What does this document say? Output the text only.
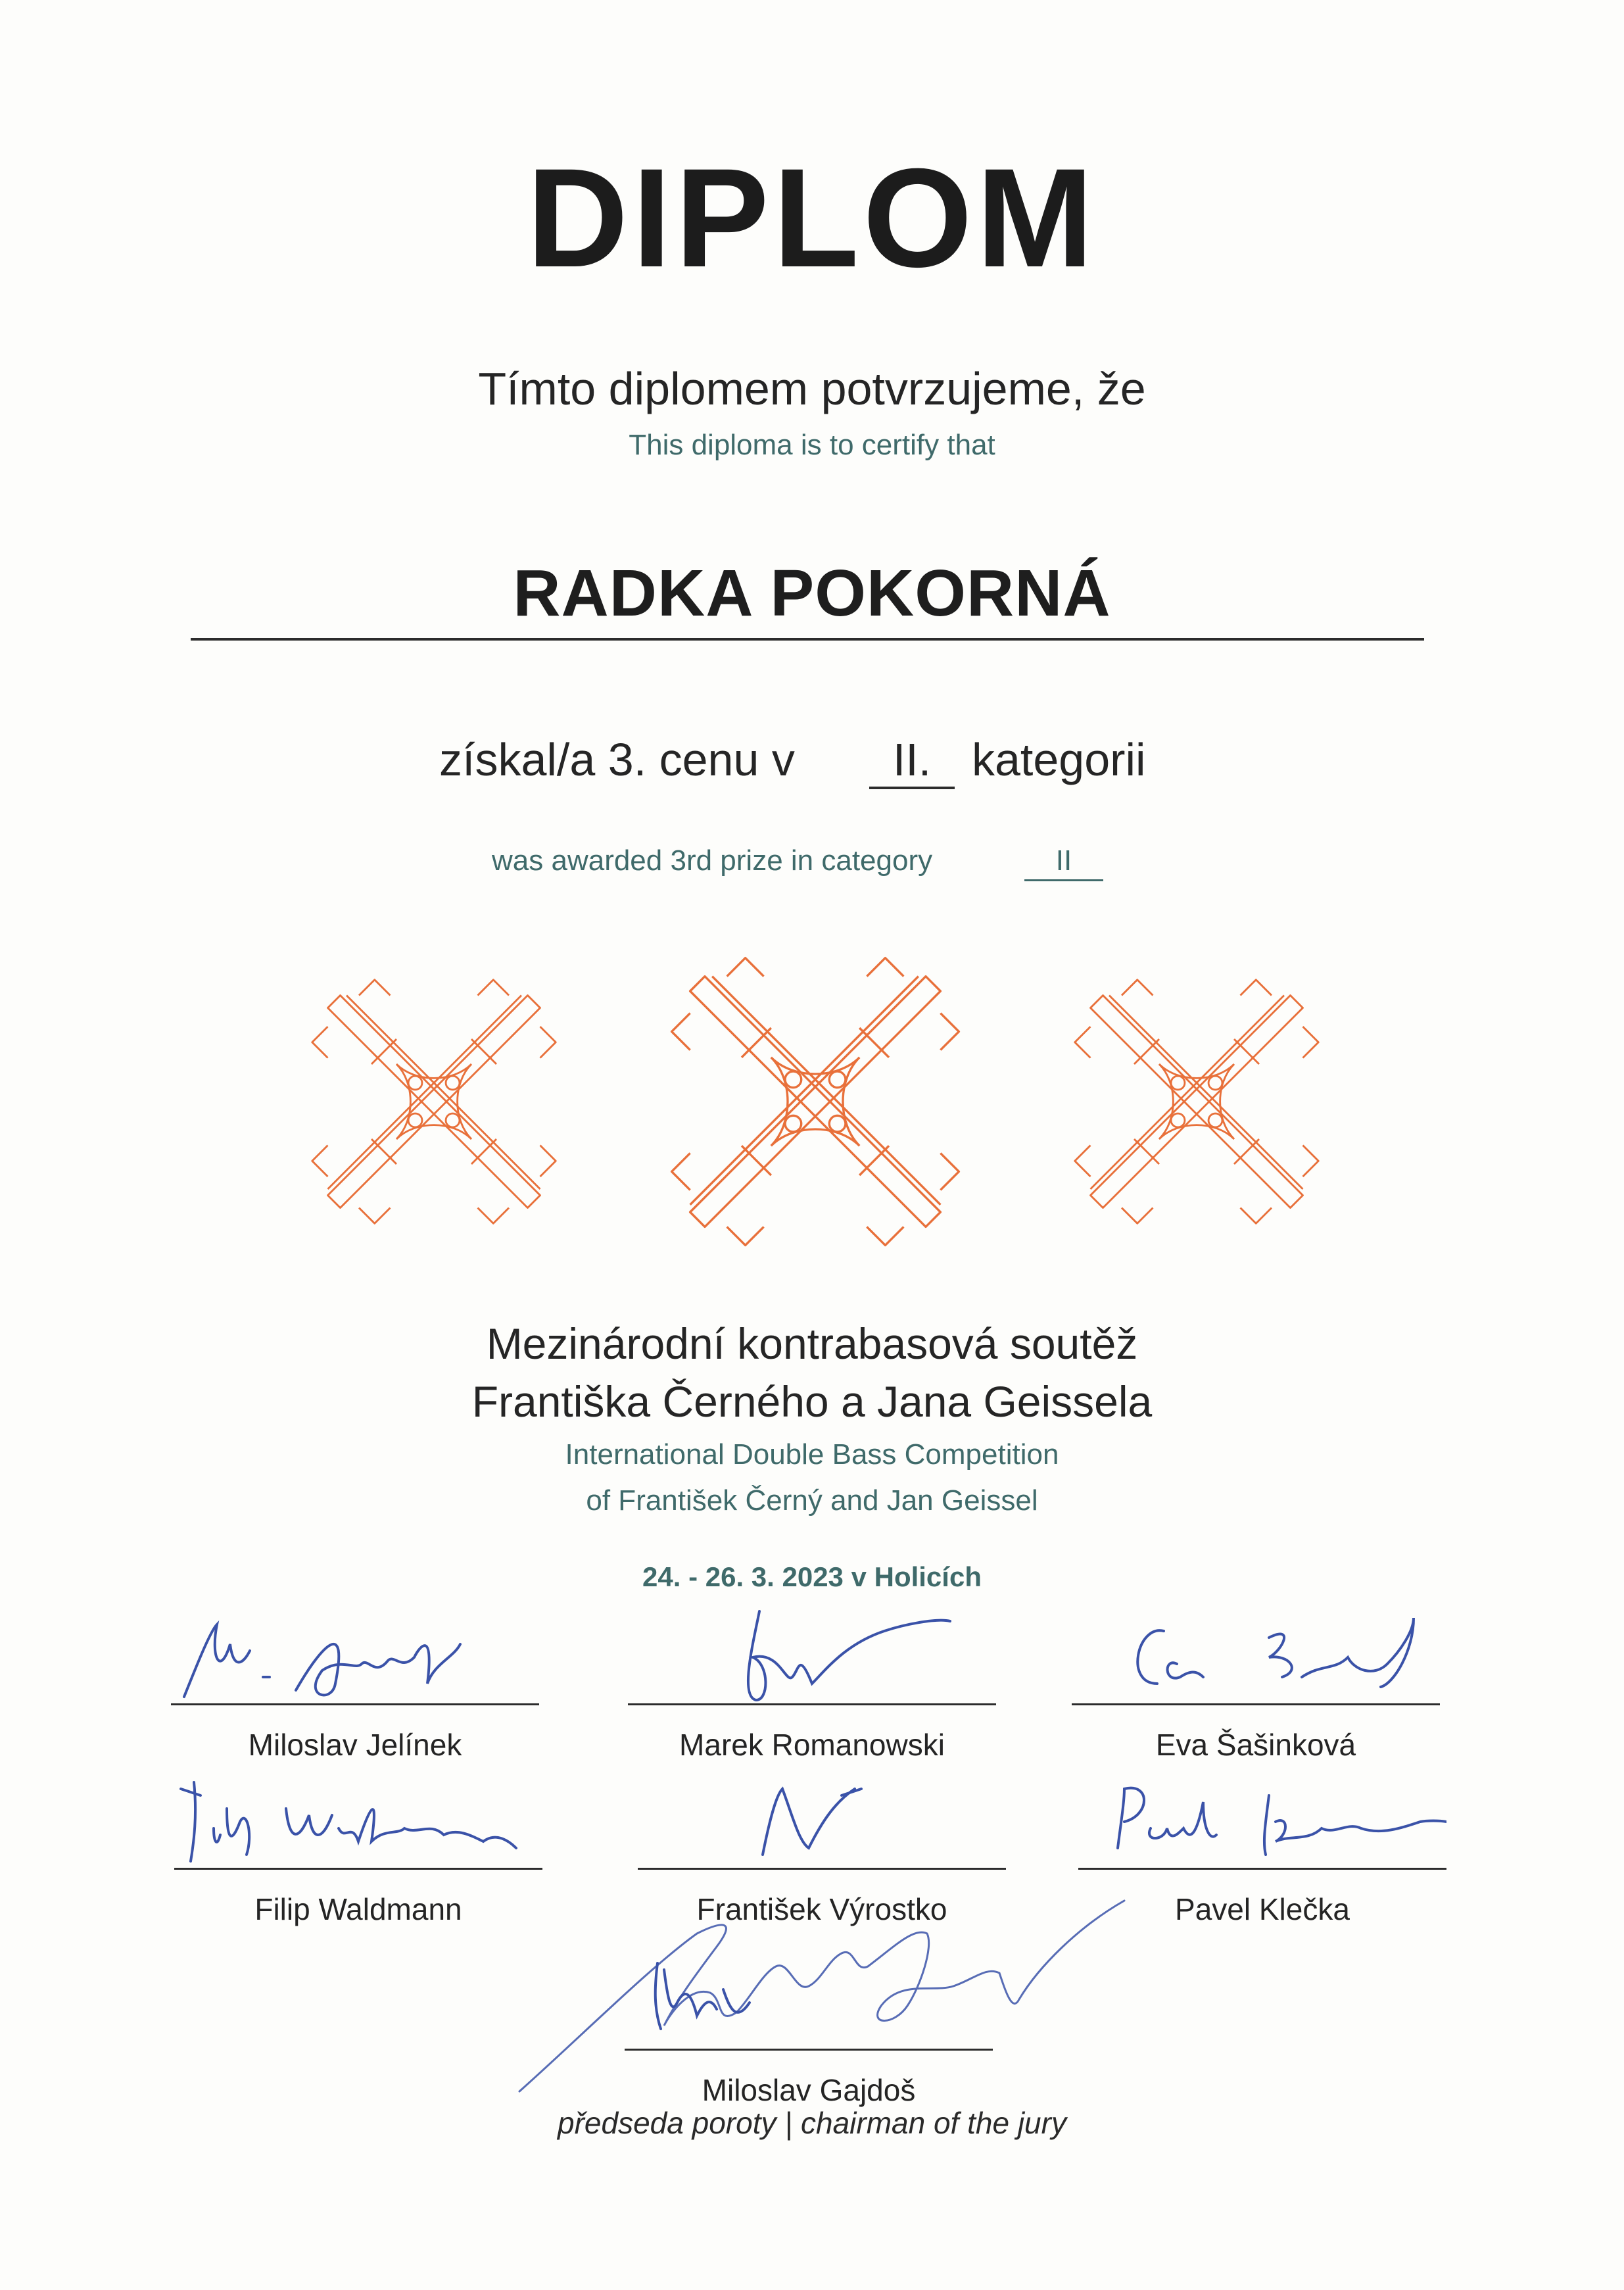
DIPLOM
Tímto diplomem potvrzujeme, že
This diploma is to certify that
RADKA POKORNÁ
získal/a 3. cenu v	II. kategorii
was awarded 3rd prize in category	II
Mezinárodní kontrabasová soutěž
Františka Černého a Jana Geissela
International Double Bass Competition
of František Černý and Jan Geissel
24. - 26. 3. 2023 v Holicích
Miloslav Jelínek	Marek Romanowski	Eva Šašinková
Filip Waldmann	František Výrostko	Pavel Klečka
Miloslav Gajdoš
předseda poroty | chairman of the jury
